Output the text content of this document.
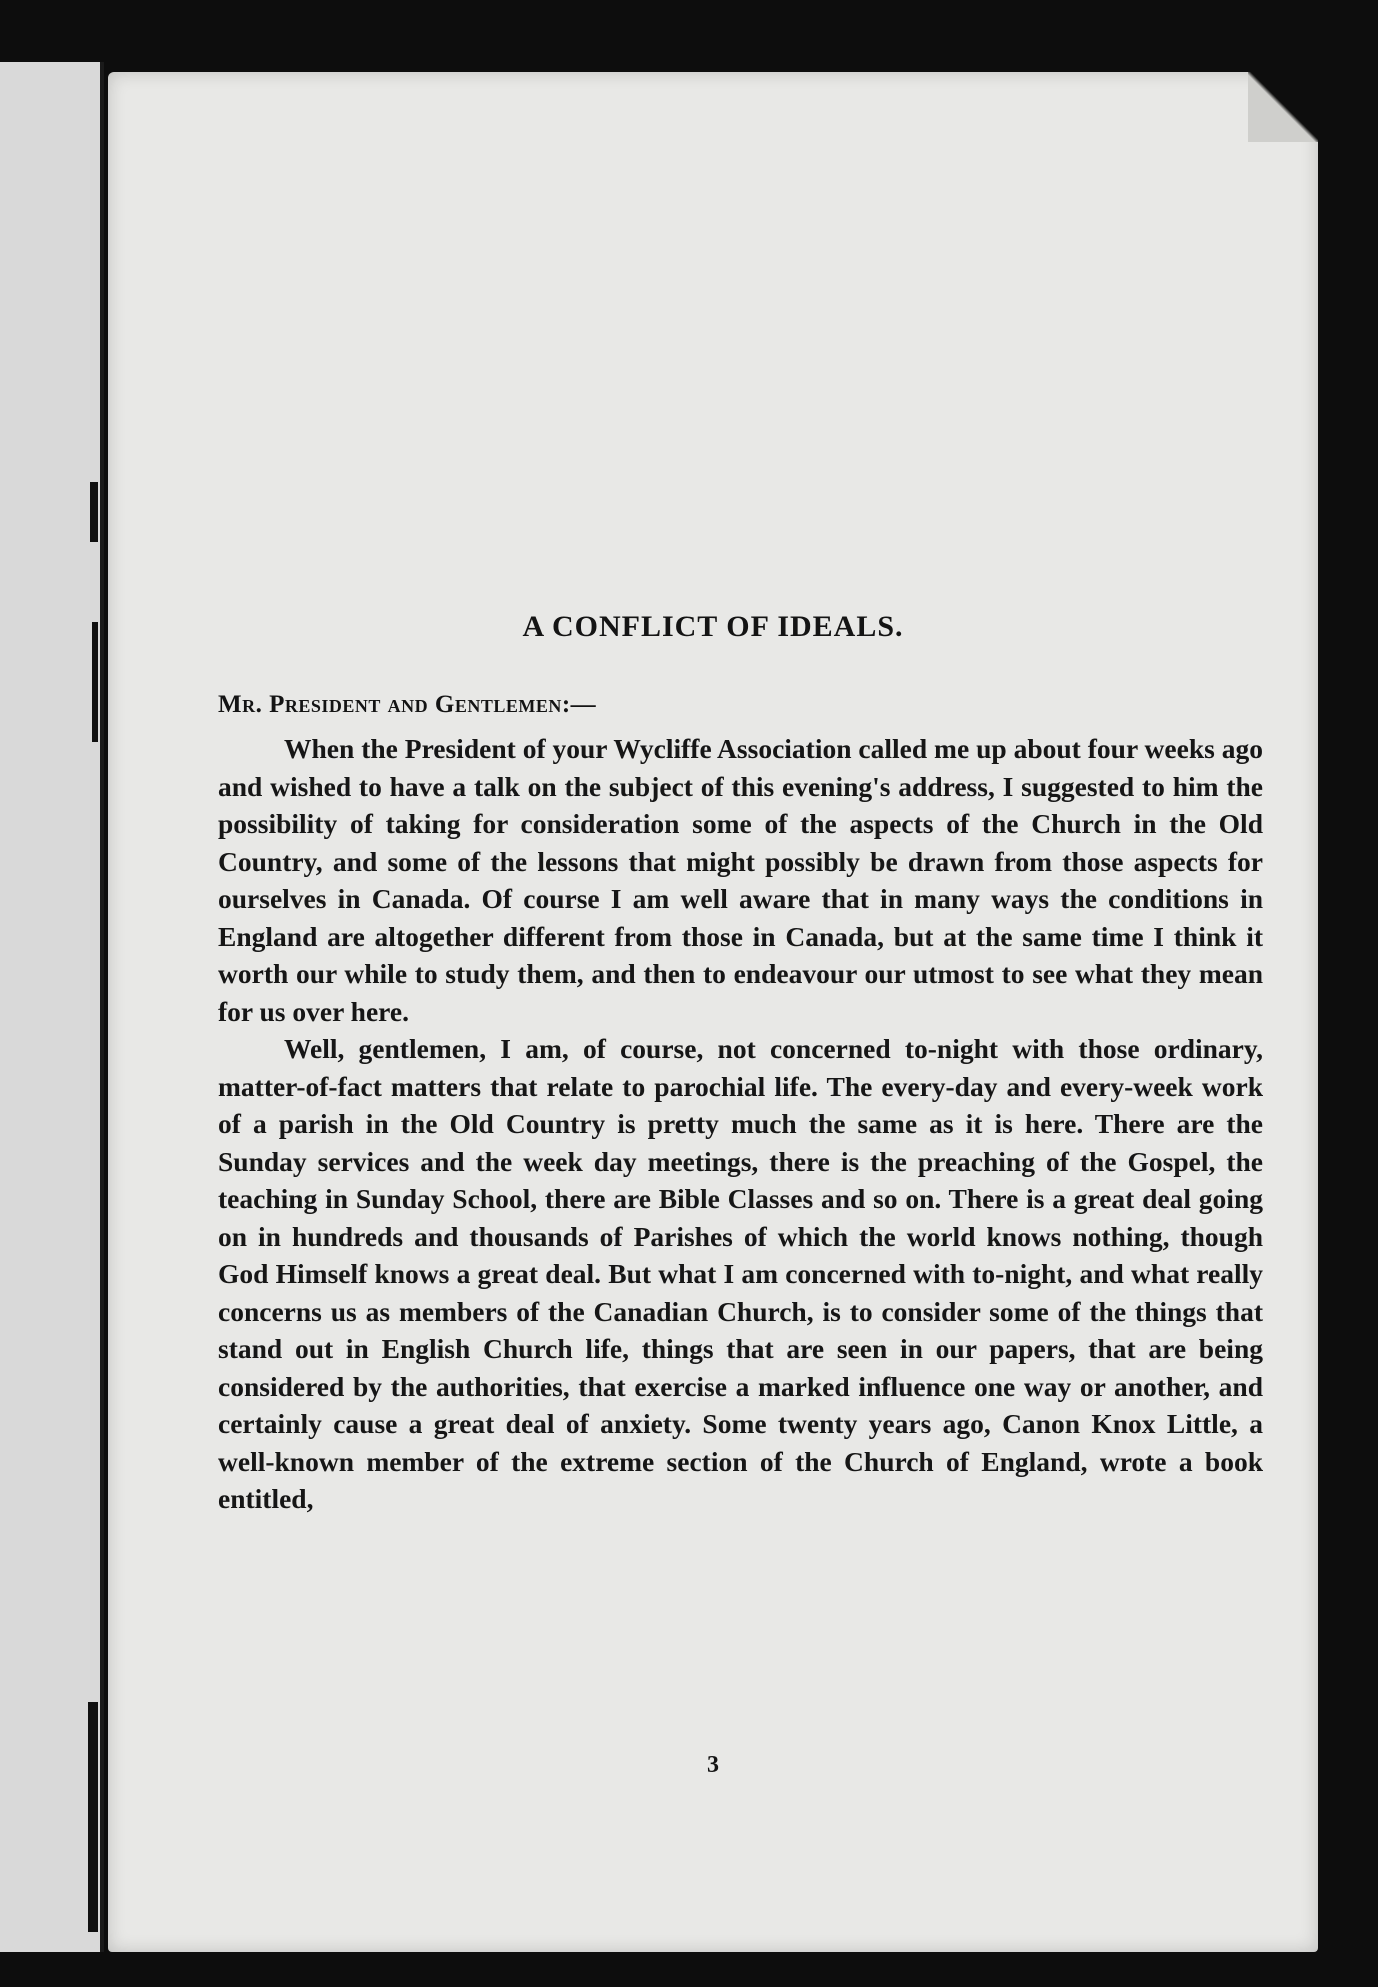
A CONFLICT OF IDEALS.
Mr. President and Gentlemen:—

When the President of your Wycliffe Association called me up about four weeks ago and wished to have a talk on the subject of this evening's address, I suggested to him the possibility of taking for consideration some of the aspects of the Church in the Old Country, and some of the lessons that might possibly be drawn from those aspects for ourselves in Canada. Of course I am well aware that in many ways the conditions in England are altogether different from those in Canada, but at the same time I think it worth our while to study them, and then to endeavour our utmost to see what they mean for us over here.

Well, gentlemen, I am, of course, not concerned to-night with those ordinary, matter-of-fact matters that relate to parochial life. The every-day and every-week work of a parish in the Old Country is pretty much the same as it is here. There are the Sunday services and the week day meetings, there is the preaching of the Gospel, the teaching in Sunday School, there are Bible Classes and so on. There is a great deal going on in hundreds and thousands of Parishes of which the world knows nothing, though God Himself knows a great deal. But what I am concerned with to-night, and what really concerns us as members of the Canadian Church, is to consider some of the things that stand out in English Church life, things that are seen in our papers, that are being considered by the authorities, that exercise a marked influence one way or another, and certainly cause a great deal of anxiety. Some twenty years ago, Canon Knox Little, a well-known member of the extreme section of the Church of England, wrote a book entitled,

3
